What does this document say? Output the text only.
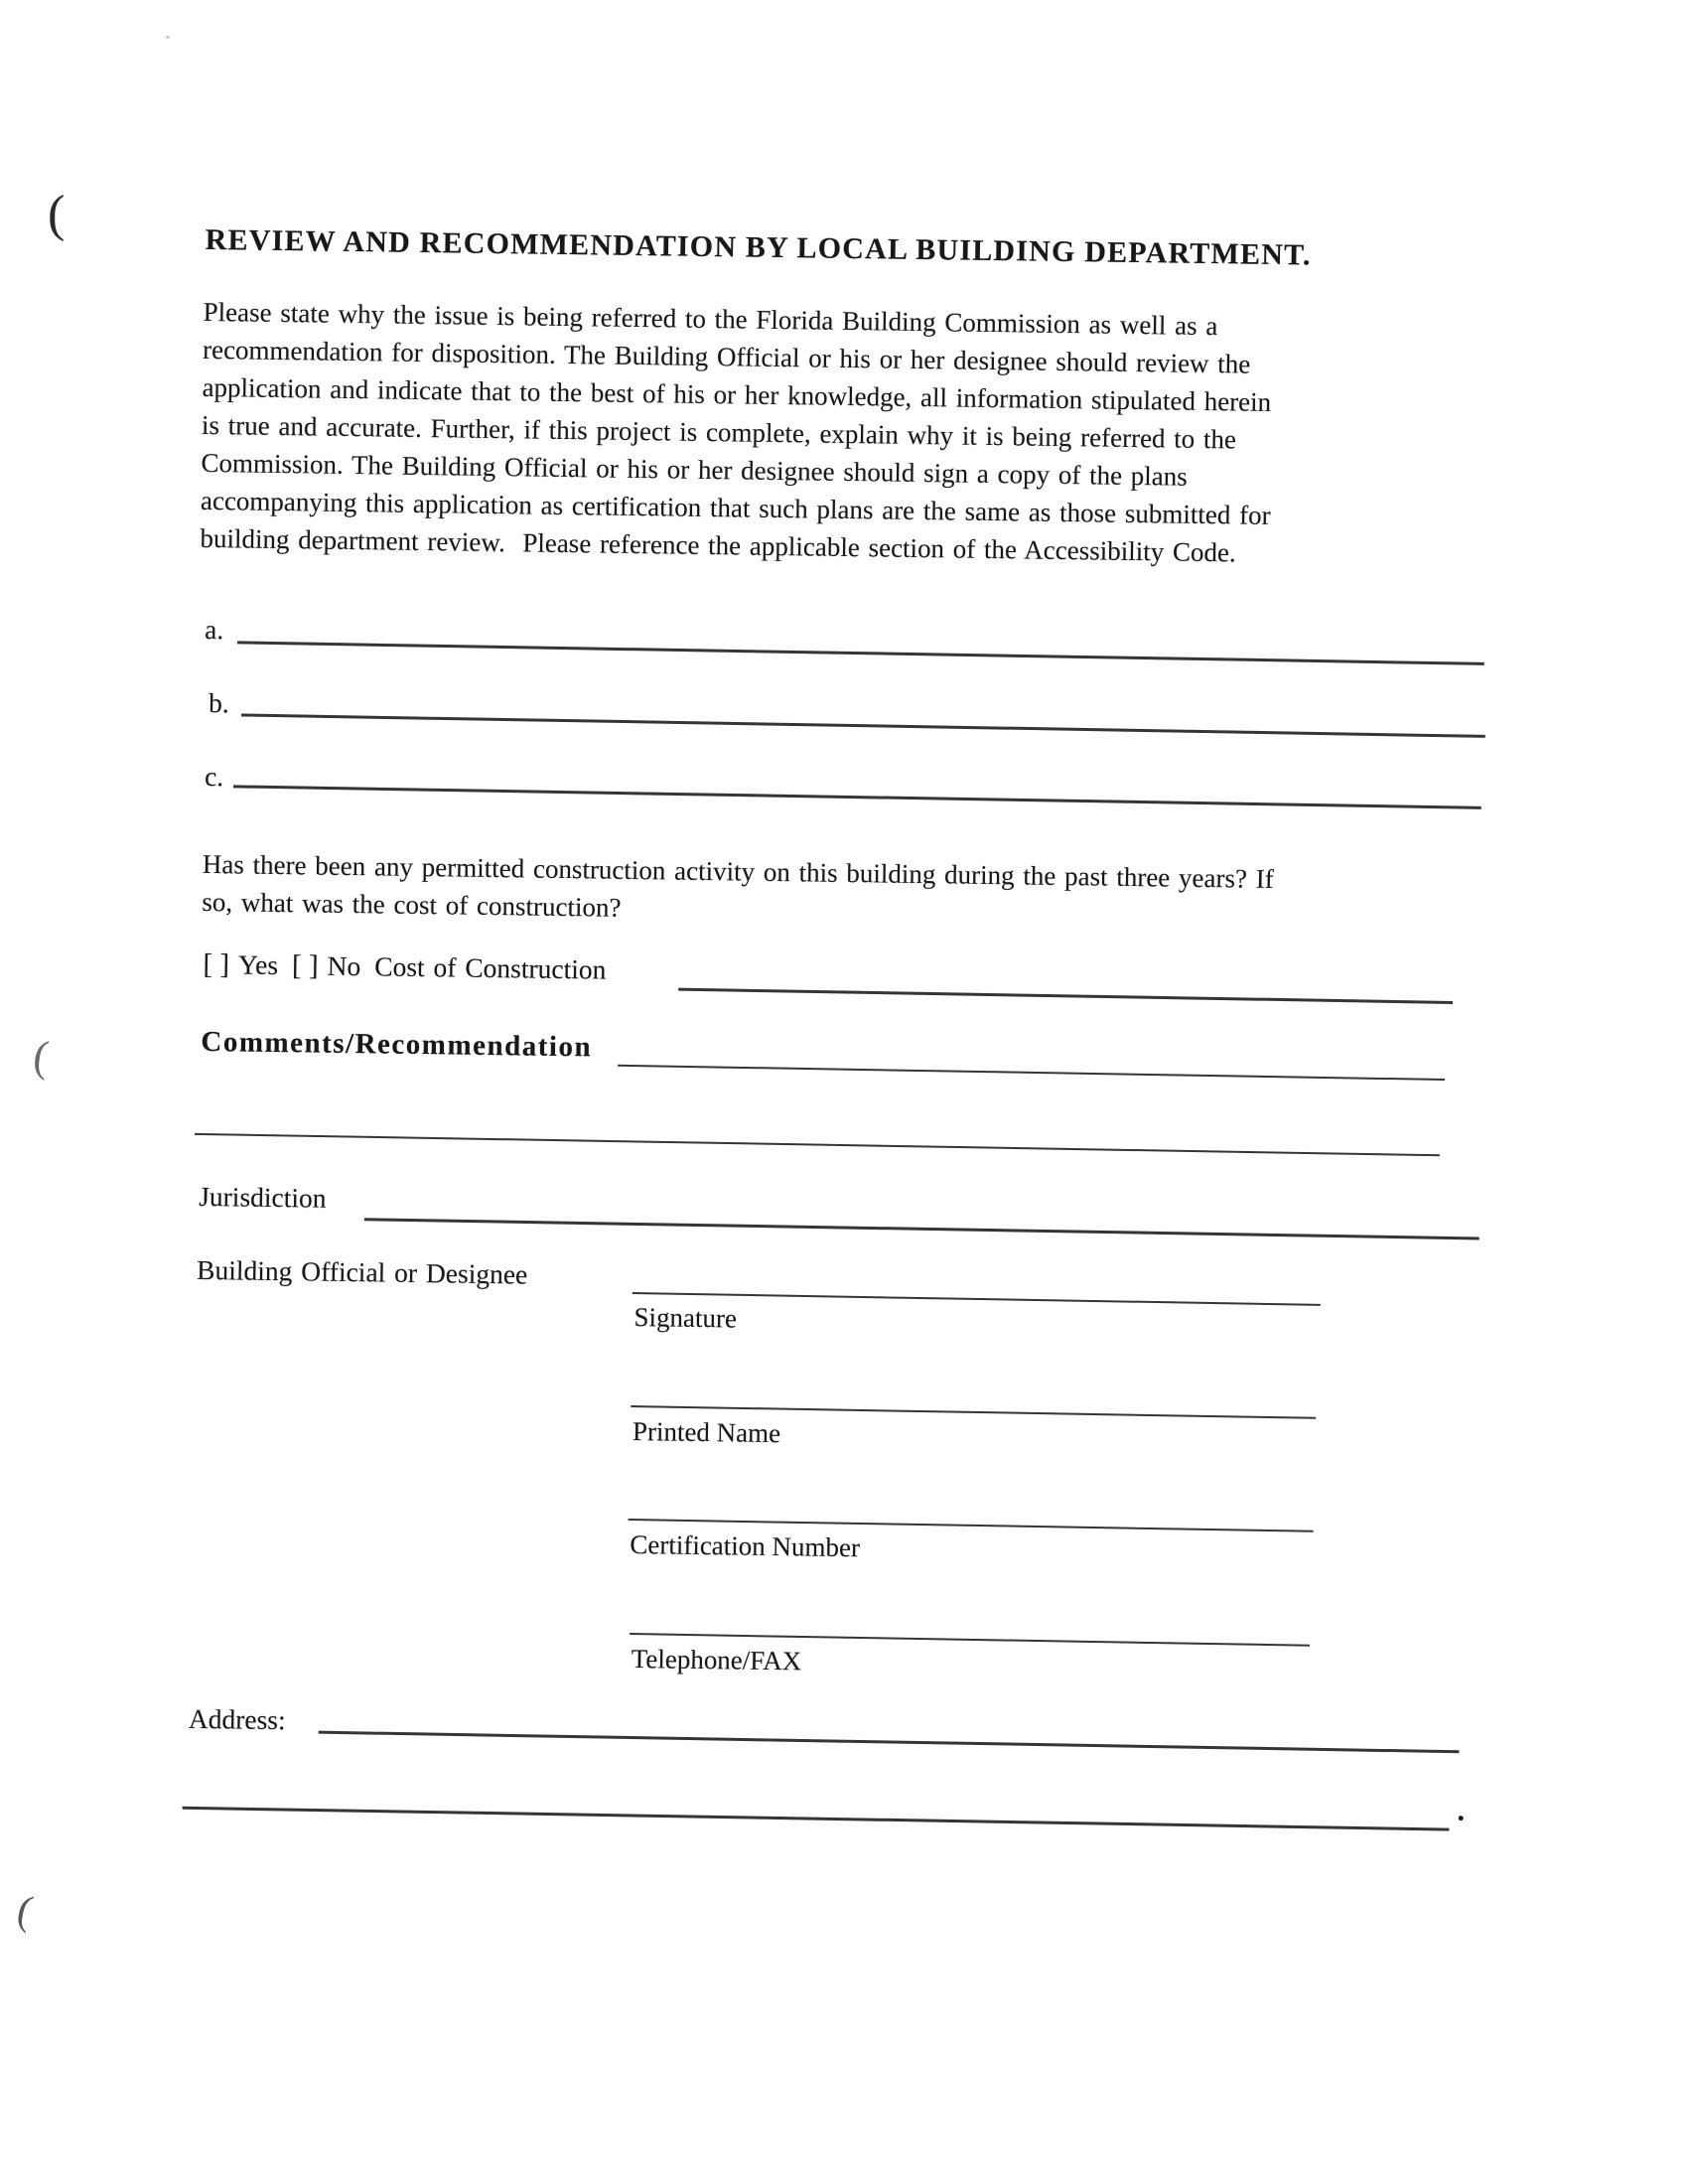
(
(
(
REVIEW AND RECOMMENDATION BY LOCAL BUILDING DEPARTMENT.
Please state why the issue is being referred to the Florida Building Commission as well as a
recommendation for disposition. The Building Official or his or her designee should review the
application and indicate that to the best of his or her knowledge, all information stipulated herein
is true and accurate. Further, if this project is complete, explain why it is being referred to the
Commission. The Building Official or his or her designee should sign a copy of the plans
accompanying this application as certification that such plans are the same as those submitted for
building department review.  Please reference the applicable section of the Accessibility Code.
a.
b.
c.
Has there been any permitted construction activity on this building during the past three years? If
so, what was the cost of construction?
[ ] Yes [ ] No Cost of Construction
Comments/Recommendation
Jurisdiction
Building Official or Designee
Signature
Printed Name
Certification Number
Telephone/FAX
Address:
.
